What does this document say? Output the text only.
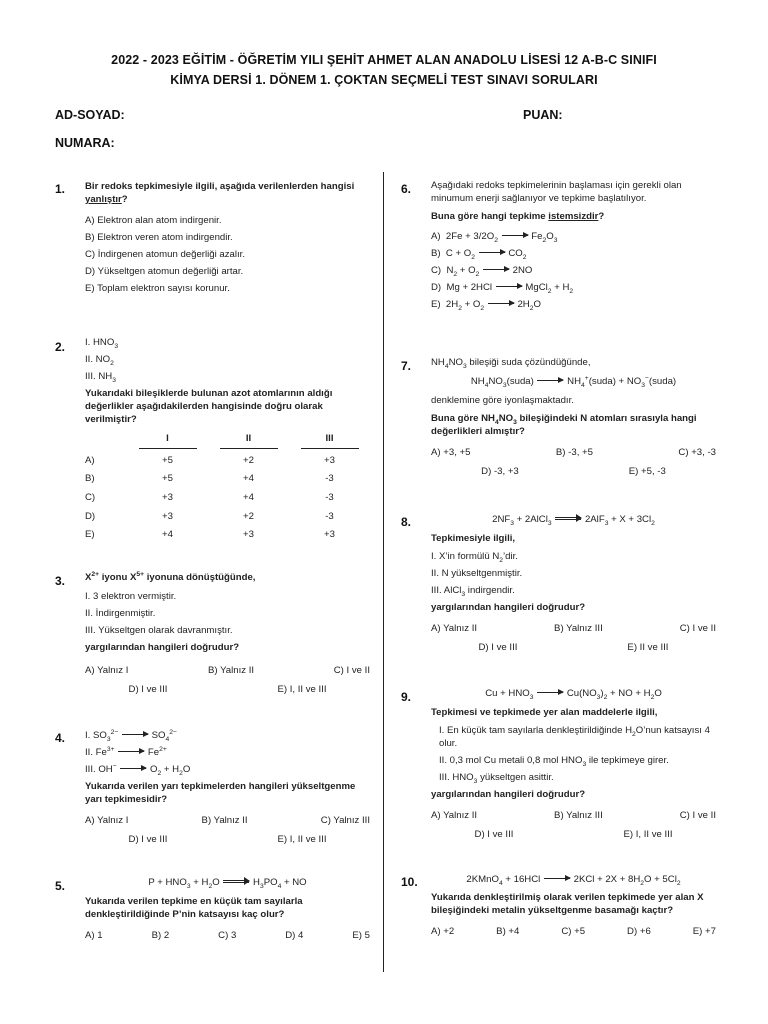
2022 - 2023 EĞİTİM - ÖĞRETİM YILI ŞEHİT AHMET ALAN ANADOLU LİSESİ 12 A-B-C SINIFI
KİMYA DERSİ 1. DÖNEM 1. ÇOKTAN SEÇMELİ TEST SINAVI SORULARI
AD-SOYAD:	PUAN:
NUMARA:
1. Bir redoks tepkimesiyle ilgili, aşağıda verilenlerden hangisi yanlıştır?

A) Elektron alan atom indirgenir.

B) Elektron veren atom indirgendir.

C) İndirgenen atomun değerliği azalır.

D) Yükseltgen atomun değerliği artar.

E) Toplam elektron sayısı korunur.

2. I. $HNO_3$

II. $NO_2$

III. $NH_3$

Yukarıdaki bileşiklerde bulunan azot atomlarının aldığı değerlikler aşağıdakilerden hangisinde doğru olarak verilmiştir?

	I	II	III
A)	+5	+2	+3
B)	+5	+4	-3
C)	+3	+4	-3
D)	+3	+2	-3
E)	+4	+3	+3
3. $X^{2+}$ iyonu $X^{5+}$ iyonuna dönüştüğünde,

I. 3 elektron vermiştir.

II. İndirgenmiştir.

III. Yükseltgen olarak davranmıştır.

yargılarından hangileri doğrudur?

A) Yalnız I	B) Yalnız II	C) I ve II
D) I ve III	E) I, II ve III
4. I. $SO_3^{2-}$	$SO_4^{2-}$

II. $Fe^{3+}$	$Fe^{2+}$

III. OH−	$O_2 + H_2O$

Yukarıda verilen yarı tepkimelerden hangileri yükseltgenme yarı tepkimesidir?

A) Yalnız I	B) Yalnız II	C) Yalnız III
D) I ve III	E) I, II ve III
5.	$P + HNO_3 + H_2O$	$H_3PO_4$ + NO

Yukarıda verilen tepkime en küçük tam sayılarla denkleştirildiğinde P’nin katsayısı kaç olur?

A) 1	B) 2	C) 3	D) 4	E) 5
6. Aşağıdaki redoks tepkimelerinin başlaması için gerekli olan minumum enerji sağlanıyor ve tepkime başlatılıyor.

Buna göre hangi tepkime istemsizdir?

A)  $2Fe + 3/2O_2$	$Fe_2O_3$

B)  $C + O_2$	$CO_2$

C)  $N_2 + O_2$	2NO

D)  Mg + 2HCl	MgCl$_2$ + $H_2$

E)  $2H_2 + O_2$	$2H_2O$

7. $NH_4NO_3$ bileşiği suda çözündüğünde,

$NH_4NO_3(suda)$	$NH_4^+(suda)$ + $NO_3^-(suda)$

denklemine göre iyonlaşmaktadır.

Buna göre $NH_4NO_3$ bileşiğindeki N atomları sırasıyla hangi değerlikleri almıştır?

A) +3, +5	B) -3, +5	C) +3, -3
D) -3, +3	E) +5, -3
8.	$2NF_3$ + 2AlCl$_3$	$2AlF_3 + X + 3Cl_2$

Tepkimesiyle ilgili,

I. X’in formülü $N_2’dir$.

II. N yükseltgenmiştir.

III. AlCl$_3$ indirgendir.

yargılarından hangileri doğrudur?

A) Yalnız II	B) Yalnız III	C) I ve II
D) I ve III	E) II ve III
9.	$Cu + HNO_3$	$Cu(NO_3)_2$ + NO + $H_2O$

Tepkimesi ve tepkimede yer alan maddelerle ilgili,

I. En küçük tam sayılarla denkleştirildiğinde $H_2O’nun$ katsayısı 4 olur.

II. 0,3 mol Cu metali 0,8 mol $HNO_3$ ile tepkimeye girer.

III. $HNO_3$ yükseltgen asittir.

yargılarından hangileri doğrudur?

A) Yalnız II	B) Yalnız III	C) I ve II
D) I ve III	E) I, II ve III
10.	2KMnO$_4$ + 16HCl	$2KCl + 2X + 8H_2O + 5Cl_2$

Yukarıda denkleştirilmiş olarak verilen tepkimede yer alan X bileşiğindeki metalin yükseltgenme basamağı kaçtır?

A) +2	B) +4	C) +5	D) +6	E) +7
